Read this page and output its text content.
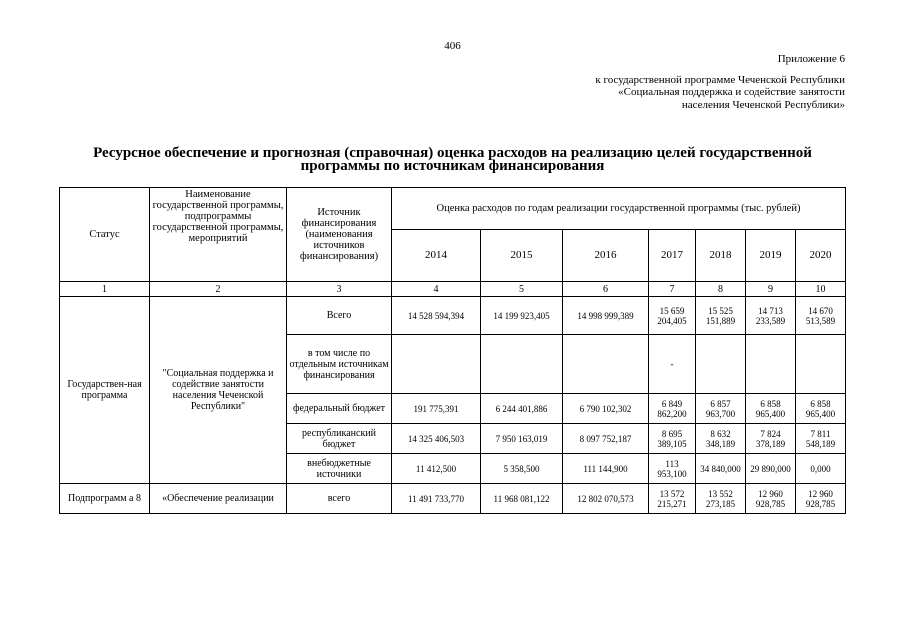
406
Приложение 6
к государственной программе Чеченской Республики
«Социальная поддержка и содействие занятости
населения Чеченской Республики»
Ресурсное обеспечение и прогнозная (справочная) оценка расходов на реализацию целей государственной программы по источникам финансирования
Статус	Наименование государственной программы, подпрограммы государственной программы, мероприятий	Источник финансирования (наименования источников финансирования)	Оценка расходов по годам реализации государственной программы (тыс. рублей)						
			2014	2015	2016	2017	2018	2019	2020
1	2	3	4	5	6	7	8	9	10
Государствен-ная программа	"Социальная поддержка и содействие занятости населения Чеченской Республики"	Всего	14 528 594,394	14 199 923,405	14 998 999,389	15 659 204,405	15 525 151,889	14 713 233,589	14 670 513,589
		в том числе по отдельным источникам финансирования				-			
		федеральный бюджет	191 775,391	6 244 401,886	6 790 102,302	6 849 862,200	6 857 963,700	6 858 965,400	6 858 965,400
		республиканский бюджет	14 325 406,503	7 950 163,019	8 097 752,187	8 695 389,105	8 632 348,189	7 824 378,189	7 811 548,189
		внебюджетные источники	11 412,500	5 358,500	111 144,900	113 953,100	34 840,000	29 890,000	0,000
Подпрограмм а 8	«Обеспечение реализации	всего	11 491 733,770	11 968 081,122	12 802 070,573	13 572 215,271	13 552 273,185	12 960 928,785	12 960 928,785
